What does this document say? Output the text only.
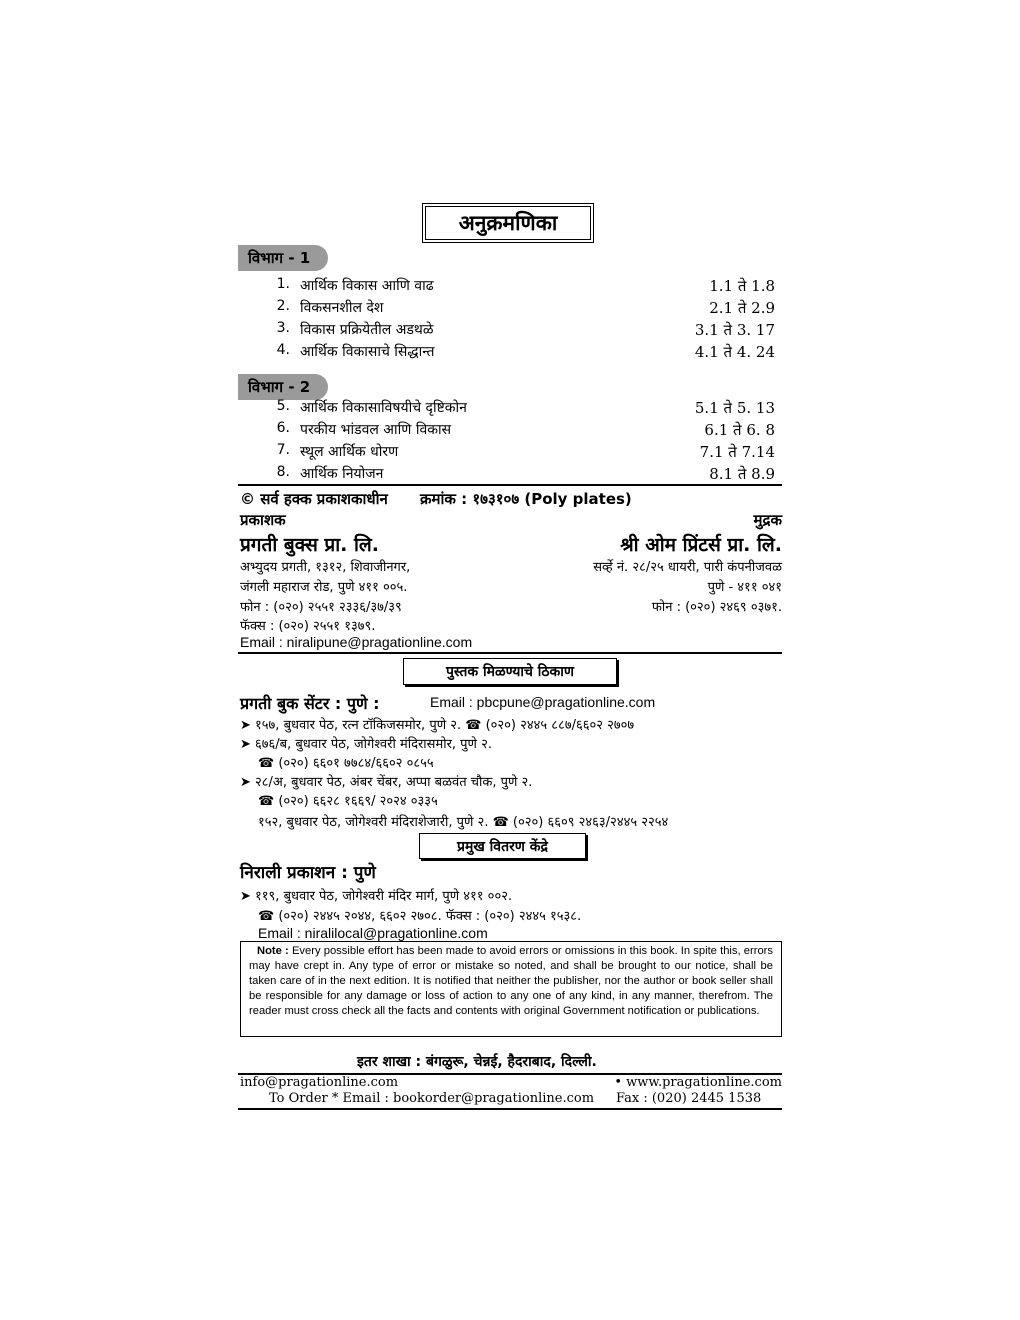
अनुक्रमणिका
विभाग - 1
1. आर्थिक विकास आणि वाढ	1.1 ते 1.8
2. विकसनशील देश	2.1 ते 2.9
3. विकास प्रक्रियेतील अडथळे	3.1 ते 3. 17
4. आर्थिक विकासाचे सिद्धान्त	4.1 ते 4. 24
विभाग - 2
5. आर्थिक विकासाविषयीचे दृष्टिकोन	5.1 ते 5. 13
6. परकीय भांडवल आणि विकास	6.1 ते 6. 8
7. स्थूल आर्थिक धोरण	7.1 ते 7.14
8. आर्थिक नियोजन	8.1 ते 8.9
© सर्व हक्क प्रकाशकाधीन क्रमांक : १७३१०७ (Poly plates)
प्रकाशक	मुद्रक
प्रगती बुक्स प्रा. लि.	श्री ओम प्रिंटर्स प्रा. लि.
अभ्युदय प्रगती, १३१२, शिवाजीनगर,	सर्व्हे नं. २८/२५ धायरी, पारी कंपनीजवळ
जंगली महाराज रोड, पुणे ४११ ००५.	पुणे - ४११ ०४१
फोन : (०२०) २५५१ २३३६/३७/३९	फोन : (०२०) २४६९ ०३७१.
फॅक्स : (०२०) २५५१ १३७९.
Email : niralipune@pragationline.com
पुस्तक मिळण्याचे ठिकाण
प्रगती बुक सेंटर : पुणे :	Email : pbcpune@pragationline.com
➤ १५७, बुधवार पेठ, रत्न टॉकिजसमोर, पुणे २. ☎ (०२०) २४४५ ८८७/६६०२ २७०७
➤ ६७६/ब, बुधवार पेठ, जोगेश्वरी मंदिरासमोर, पुणे २.
☎ (०२०) ६६०१ ७७८४/६६०२ ०८५५
➤ २८/अ, बुधवार पेठ, अंबर चेंबर, अप्पा बळवंत चौक, पुणे २.
☎ (०२०) ६६२८ १६६९/ २०२४ ०३३५
१५२, बुधवार पेठ, जोगेश्वरी मंदिराशेजारी, पुणे २. ☎ (०२०) ६६०९ २४६३/२४४५ २२५४
प्रमुख वितरण केंद्रे
निराली प्रकाशन : पुणे
➤ ११९, बुधवार पेठ, जोगेश्वरी मंदिर मार्ग, पुणे ४११ ००२.
☎ (०२०) २४४५ २०४४, ६६०२ २७०८. फॅक्स : (०२०) २४४५ १५३८.
Email : nirali‌local@pragationline.com
Note : Every possible effort has been made to avoid errors or omissions in this book. In spite this, errors may have crept in. Any type of error or mistake so noted, and shall be brought to our notice, shall be taken care of in the next edition. It is notified that neither the publisher, nor the author or book seller shall be responsible for any damage or loss of action to any one of any kind, in any manner, therefrom. The reader must cross check all the facts and contents with original Government notification or publications.
इतर शाखा : बंगळुरू, चेन्नई, हैदराबाद, दिल्ली.
info@pragationline.com	• www.pragationline.com
To Order * Email : bookorder@pragationline.com Fax : (020) 2445 1538
